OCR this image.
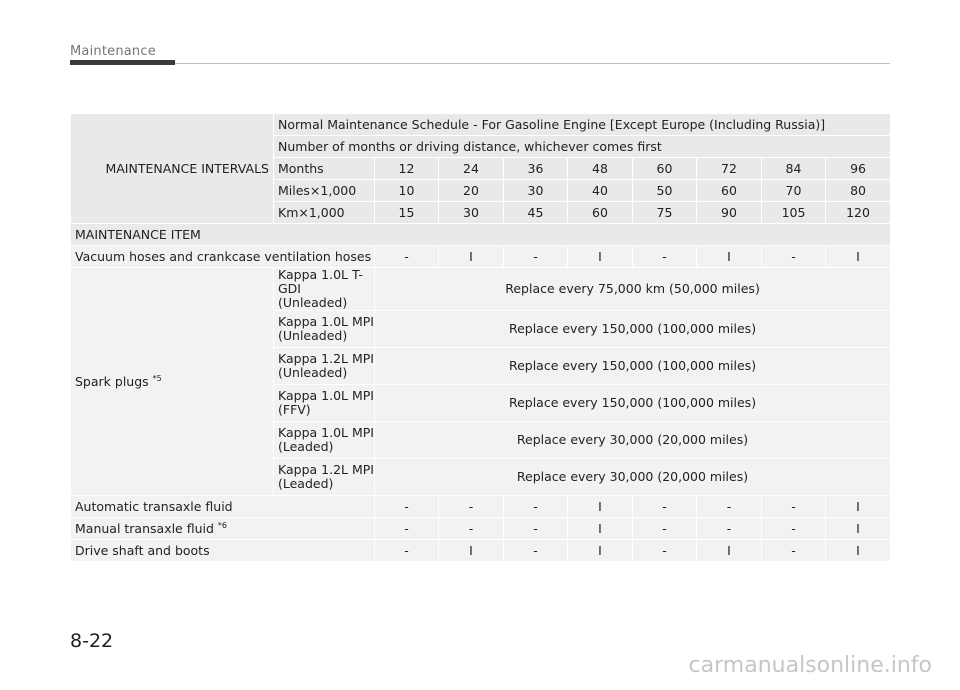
Maintenance
MAINTENANCE INTERVALS	Normal Maintenance Schedule - For Gasoline Engine [Except Europe (Including Russia)]								
	Number of months or driving distance, whichever comes first								
	Months	12	24	36	48	60	72	84	96
	Miles×1,000	10	20	30	40	50	60	70	80
	Km×1,000	15	30	45	60	75	90	105	120
MAINTENANCE ITEM									
Vacuum hoses and crankcase ventilation hoses		-	I	-	I	-	I	-	I
Spark plugs $^{*5}$	Kappa 1.0L T-GDI (Unleaded)	Replace every 75,000 km (50,000 miles)							
	Kappa 1.0L MPI (Unleaded)	Replace every 150,000 (100,000 miles)							
	Kappa 1.2L MPI (Unleaded)	Replace every 150,000 (100,000 miles)							
	Kappa 1.0L MPI (FFV)	Replace every 150,000 (100,000 miles)							
	Kappa 1.0L MPI (Leaded)	Replace every 30,000 (20,000 miles)							
	Kappa 1.2L MPI (Leaded)	Replace every 30,000 (20,000 miles)							
Automatic transaxle fluid		-	-	-	I	-	-	-	I
Manual transaxle fluid $^{*6}$		-	-	-	I	-	-	-	I
Drive shaft and boots		-	I	-	I	-	I	-	I
8-22
carmanualsonline.info
